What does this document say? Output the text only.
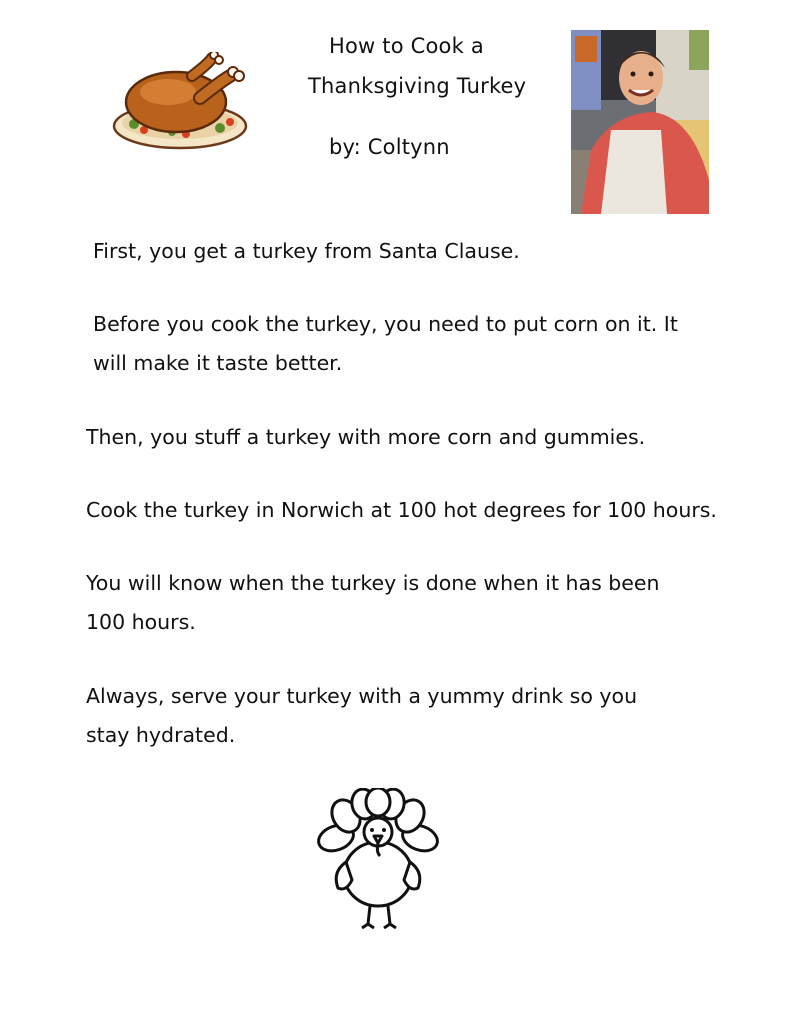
How to Cook a
Thanksgiving Turkey
by: Coltynn

First, you get a turkey from Santa Clause.

Before you cook the turkey, you need to put corn on it. It will make it taste better.

Then, you stuff a turkey with more corn and gummies.

Cook the turkey in Norwich at 100 hot degrees for 100 hours.

You will know when the turkey is done when it has been 100 hours.

Always, serve your turkey with a yummy drink so you stay hydrated.
